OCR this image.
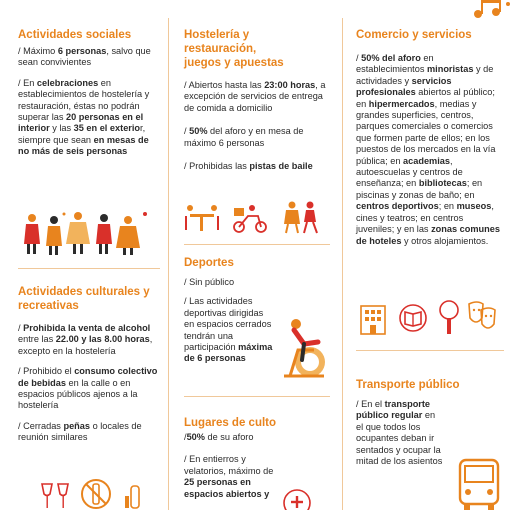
Actividades sociales

/ Máximo 6 personas, salvo que sean convivientes

/ En celebraciones en establecimientos de hostelería y restauración, éstas no podrán superar las 20 personas en el interior y las 35 en el exterior, siempre que sean en mesas de no más de seis personas

Actividades culturales y recreativas

/ Prohibida la venta de alcohol entre las 22.00 y las 8.00 horas, excepto en la hostelería

/ Prohibido el consumo colectivo de bebidas en la calle o en espacios públicos ajenos a la hostelería

/ Cerradas peñas o locales de reunión similares

Hostelería y restauración, juegos y apuestas

/ Abiertos hasta las 23:00 horas, a excepción de servicios de entrega de comida a domicilio

/ 50% del aforo y en mesa de máximo 6 personas

/ Prohibidas las pistas de baile

Deportes

/ Sin público

/ Las actividades deportivas dirigidas en espacios cerrados tendrán una participación máxima de 6 personas

Lugares de culto

/50% de su aforo

/ En entierros y velatorios, máximo de 25 personas en espacios abiertos y

Comercio y servicios

/ 50% del aforo en establecimientos minoristas y de actividades y servicios profesionales abiertos al público; en hipermercados, medias y grandes superficies, centros, parques comerciales o comercios que formen parte de ellos; en los puestos de los mercados en la vía pública; en academias, autoescuelas y centros de enseñanza; en bibliotecas; en piscinas y zonas de baño; en centros deportivos; en museos, cines y teatros; en centros juveniles; y en las zonas comunes de hoteles y otros alojamientos.

Transporte público

/ En el transporte público regular en el que todos los ocupantes deban ir sentados y ocupar la mitad de los asientos
